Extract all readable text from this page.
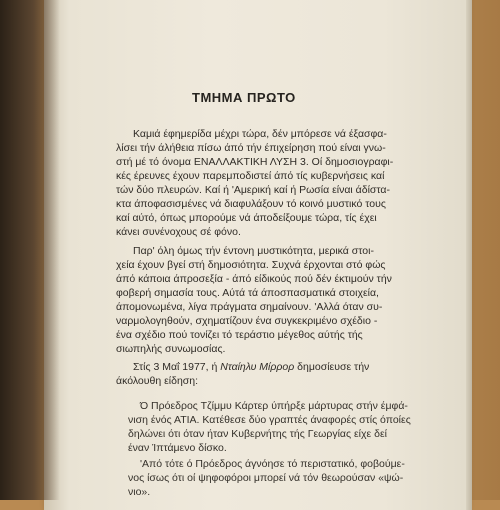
ΤΜΗΜΑ ΠΡΩΤΟ
Καμιά έφημερίδα μέχρι τώρα, δέν μπόρεσε νά έξασφα-
λίσει τήν άλήθεια πίσω άπό τήν έπιχείρηση πού είναι γνω-
στή μέ τό όνομα ΕΝΑΛΛΑΚΤΙΚΗ ΛΥΣΗ 3. Οί δημοσιογραφι-
κές έρευνες έχουν παρεμποδιστεί άπό τίς κυβερνήσεις καί
τών δύο πλευρών. Καί ή 'Αμερική καί ή Ρωσία είναι άδίστα-
κτα άποφασισμένες νά διαφυλάξουν τό κοινό μυστικό τους
καί αύτό, όπως μπορούμε νά άποδείξουμε τώρα, τίς έχει
κάνει συνένοχους σέ φόνο.
Παρ' όλη όμως τήν έντονη μυστικότητα, μερικά στοι-
χεία έχουν βγεί στή δημοσιότητα. Συχνά έρχονται στό φώς
άπό κάποια άπροσεξία - άπό είδικούς πού δέν έκτιμούν τήν
φοβερή σημασία τους. Αύτά τά άποσπασματικά στοιχεία,
άπομονωμένα, λίγα πράγματα σημαίνουν. 'Αλλά όταν συ-
ναρμολογηθούν, σχηματίζουν ένα συγκεκριμένο σχέδιο -
ένα σχέδιο πού τονίζει τό τεράστιο μέγεθος αύτής τής
σιωπηλής συνωμοσίας.
Στίς 3 Μαΐ 1977, ή Νταίηλυ Μίρρορ δημοσίευσε τήν
άκόλουθη είδηση:
Ό Πρόεδρος Τζίμμυ Κάρτερ ύπήρξε μάρτυρας στήν έμφά-
νιση ένός ΑΤΙΑ. Κατέθεσε δύο γραπτές άναφορές στίς όποίες
δηλώνει ότι όταν ήταν Κυβερνήτης τής Γεωργίας είχε δεί
έναν Ίπτάμενο δίσκο.
'Από τότε ό Πρόεδρος άγνόησε τό περιστατικό, φοβούμε-
νος ίσως ότι οί ψηφοφόροι μπορεί νά τόν θεωρούσαν «ψώ-
νιο».
